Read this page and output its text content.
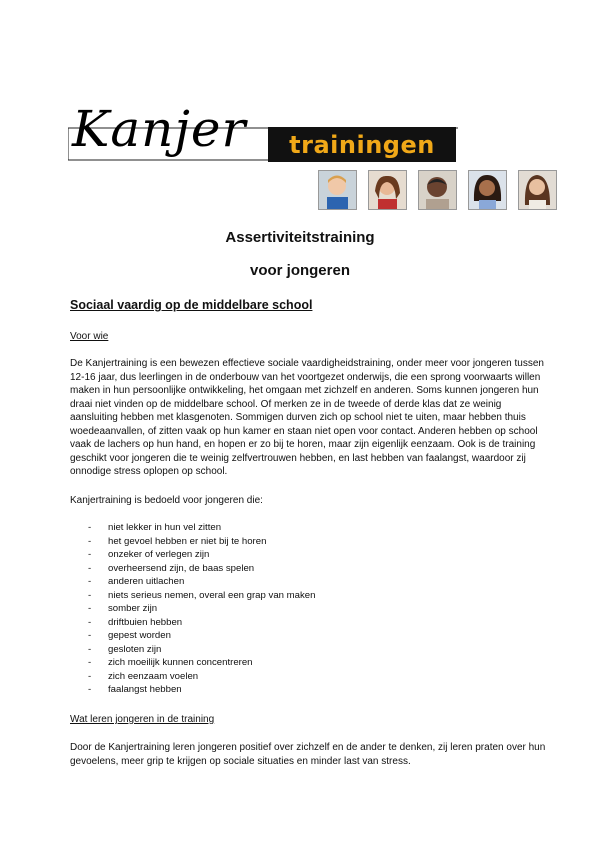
Kanjer	trainingen
Assertiviteitstraining
voor jongeren
Sociaal vaardig op de middelbare school
Voor wie
De Kanjertraining is een bewezen effectieve sociale vaardigheidstraining, onder meer voor jongeren tussen 12-16 jaar, dus leerlingen in de onderbouw van het voortgezet onderwijs, die een sprong voorwaarts willen maken in hun persoonlijke ontwikkeling, het omgaan met zichzelf en anderen. Soms kunnen jongeren hun draai niet vinden op de middelbare school. Of merken ze in de tweede of derde klas dat ze weinig aansluiting hebben met klasgenoten. Sommigen durven zich op school niet te uiten, maar hebben thuis woedeaanvallen, of zitten vaak op hun kamer en staan niet open voor contact. Anderen hebben op school vaak de lachers op hun hand, en hopen er zo bij te horen, maar zijn eigenlijk eenzaam. Ook is de training geschikt voor jongeren die te weinig zelfvertrouwen hebben, en last hebben van faalangst, waardoor zij onnodige stress oplopen op school.
Kanjertraining is bedoeld voor jongeren die:
-	niet lekker in hun vel zitten
-	het gevoel hebben er niet bij te horen
-	onzeker of verlegen zijn
-	overheersend zijn, de baas spelen
-	anderen uitlachen
-	niets serieus nemen, overal een grap van maken
-	somber zijn
-	driftbuien hebben
-	gepest worden
-	gesloten zijn
-	zich moeilijk kunnen concentreren
-	zich eenzaam voelen
-	faalangst hebben
Wat leren jongeren in de training
Door de Kanjertraining leren jongeren positief over zichzelf en de ander te denken, zij leren praten over hun gevoelens, meer grip te krijgen op sociale situaties en minder last van stress.
